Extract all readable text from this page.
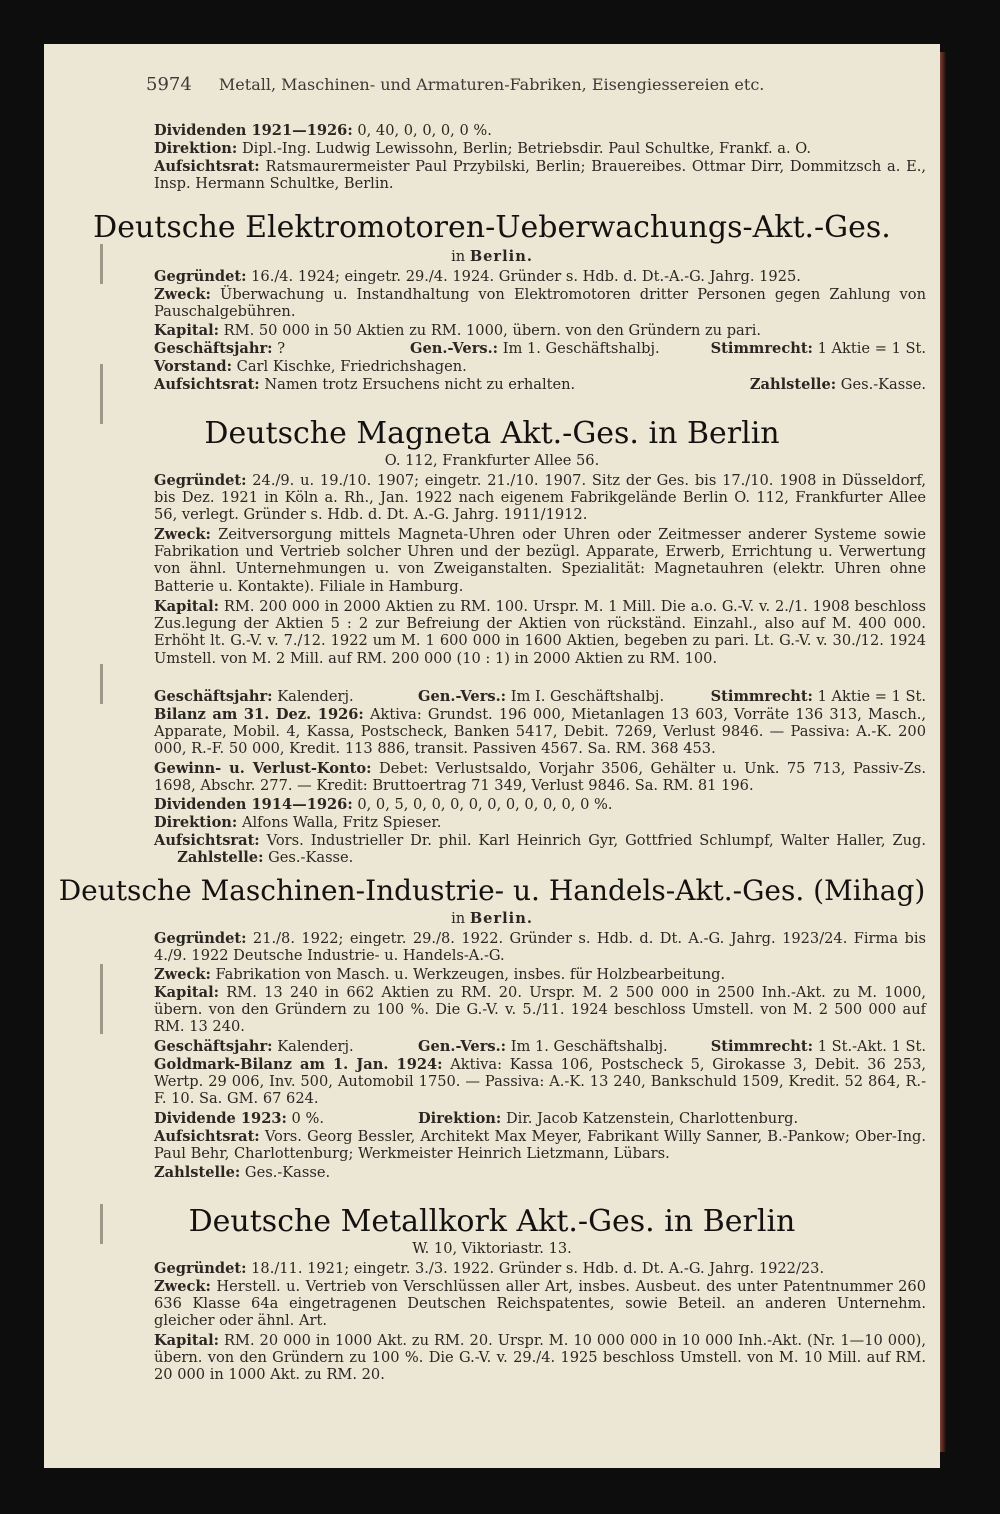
5974 Metall, Maschinen- und Armaturen-Fabriken, Eisengiessereien etc.
Dividenden 1921—1926: 0, 40, 0, 0, 0, 0 %.
Direktion: Dipl.-Ing. Ludwig Lewissohn, Berlin; Betriebsdir. Paul Schultke, Frankf. a. O.
Aufsichtsrat: Ratsmaurermeister Paul Przybilski, Berlin; Brauereibes. Ottmar Dirr, Dommitzsch a. E., Insp. Hermann Schultke, Berlin.
Deutsche Elektromotoren-Ueberwachungs-Akt.-Ges.
in Berlin.
Gegründet: 16./4. 1924; eingetr. 29./4. 1924. Gründer s. Hdb. d. Dt.-A.-G. Jahrg. 1925.
Zweck: Überwachung u. Instandhaltung von Elektromotoren dritter Personen gegen Zahlung von Pauschalgebühren.
Kapital: RM. 50 000 in 50 Aktien zu RM. 1000, übern. von den Gründern zu pari.
Geschäftsjahr: ?	Gen.-Vers.: Im 1. Geschäftshalbj.	Stimmrecht: 1 Aktie = 1 St.
Vorstand: Carl Kischke, Friedrichshagen.
Aufsichtsrat: Namen trotz Ersuchens nicht zu erhalten.	Zahlstelle: Ges.-Kasse.
Deutsche Magneta Akt.-Ges. in Berlin
O. 112, Frankfurter Allee 56.
Gegründet: 24./9. u. 19./10. 1907; eingetr. 21./10. 1907. Sitz der Ges. bis 17./10. 1908 in Düsseldorf, bis Dez. 1921 in Köln a. Rh., Jan. 1922 nach eigenem Fabrikgelände Berlin O. 112, Frankfurter Allee 56, verlegt. Gründer s. Hdb. d. Dt. A.-G. Jahrg. 1911/1912.
Zweck: Zeitversorgung mittels Magneta-Uhren oder Uhren oder Zeitmesser anderer Systeme sowie Fabrikation und Vertrieb solcher Uhren und der bezügl. Apparate, Erwerb, Errichtung u. Verwertung von ähnl. Unternehmungen u. von Zweiganstalten. Spezialität: Magnetauhren (elektr. Uhren ohne Batterie u. Kontakte). Filiale in Hamburg.
Kapital: RM. 200 000 in 2000 Aktien zu RM. 100. Urspr. M. 1 Mill. Die a.o. G.-V. v. 2./1. 1908 beschloss Zus.legung der Aktien 5 : 2 zur Befreiung der Aktien von rückständ. Einzahl., also auf M. 400 000. Erhöht lt. G.-V. v. 7./12. 1922 um M. 1 600 000 in 1600 Aktien, begeben zu pari. Lt. G.-V. v. 30./12. 1924 Umstell. von M. 2 Mill. auf RM. 200 000 (10 : 1) in 2000 Aktien zu RM. 100.
Geschäftsjahr: Kalenderj.	Gen.-Vers.: Im I. Geschäftshalbj.	Stimmrecht: 1 Aktie = 1 St.
Bilanz am 31. Dez. 1926: Aktiva: Grundst. 196 000, Mietanlagen 13 603, Vorräte 136 313, Masch., Apparate, Mobil. 4, Kassa, Postscheck, Banken 5417, Debit. 7269, Verlust 9846. — Passiva: A.-K. 200 000, R.-F. 50 000, Kredit. 113 886, transit. Passiven 4567. Sa. RM. 368 453.
Gewinn- u. Verlust-Konto: Debet: Verlustsaldo, Vorjahr 3506, Gehälter u. Unk. 75 713, Passiv-Zs. 1698, Abschr. 277. — Kredit: Bruttoertrag 71 349, Verlust 9846. Sa. RM. 81 196.
Dividenden 1914—1926: 0, 0, 5, 0, 0, 0, 0, 0, 0, 0, 0, 0, 0 %.
Direktion: Alfons Walla, Fritz Spieser.
Aufsichtsrat: Vors. Industrieller Dr. phil. Karl Heinrich Gyr, Gottfried Schlumpf, Walter Haller, Zug.      Zahlstelle: Ges.-Kasse.
Deutsche Maschinen-Industrie- u. Handels-Akt.-Ges. (Mihag)
in Berlin.
Gegründet: 21./8. 1922; eingetr. 29./8. 1922. Gründer s. Hdb. d. Dt. A.-G. Jahrg. 1923/24. Firma bis 4./9. 1922 Deutsche Industrie- u. Handels-A.-G.
Zweck: Fabrikation von Masch. u. Werkzeugen, insbes. für Holzbearbeitung.
Kapital: RM. 13 240 in 662 Aktien zu RM. 20. Urspr. M. 2 500 000 in 2500 Inh.-Akt. zu M. 1000, übern. von den Gründern zu 100 %. Die G.-V. v. 5./11. 1924 beschloss Umstell. von M. 2 500 000 auf RM. 13 240.
Geschäftsjahr: Kalenderj.	Gen.-Vers.: Im 1. Geschäftshalbj.	Stimmrecht: 1 St.-Akt. 1 St.
Goldmark-Bilanz am 1. Jan. 1924: Aktiva: Kassa 106, Postscheck 5, Girokasse 3, Debit. 36 253, Wertp. 29 006, Inv. 500, Automobil 1750. — Passiva: A.-K. 13 240, Bankschuld 1509, Kredit. 52 864, R.-F. 10. Sa. GM. 67 624.
Dividende 1923: 0 %.	Direktion: Dir. Jacob Katzenstein, Charlottenburg.
Aufsichtsrat: Vors. Georg Bessler, Architekt Max Meyer, Fabrikant Willy Sanner, B.-Pankow; Ober-Ing. Paul Behr, Charlottenburg; Werkmeister Heinrich Lietzmann, Lübars.
Zahlstelle: Ges.-Kasse.
Deutsche Metallkork Akt.-Ges. in Berlin
W. 10, Viktoriastr. 13.
Gegründet: 18./11. 1921; eingetr. 3./3. 1922. Gründer s. Hdb. d. Dt. A.-G. Jahrg. 1922/23.
Zweck: Herstell. u. Vertrieb von Verschlüssen aller Art, insbes. Ausbeut. des unter Patentnummer 260 636 Klasse 64a eingetragenen Deutschen Reichspatentes, sowie Beteil. an anderen Unternehm. gleicher oder ähnl. Art.
Kapital: RM. 20 000 in 1000 Akt. zu RM. 20. Urspr. M. 10 000 000 in 10 000 Inh.-Akt. (Nr. 1—10 000), übern. von den Gründern zu 100 %. Die G.-V. v. 29./4. 1925 beschloss Umstell. von M. 10 Mill. auf RM. 20 000 in 1000 Akt. zu RM. 20.
